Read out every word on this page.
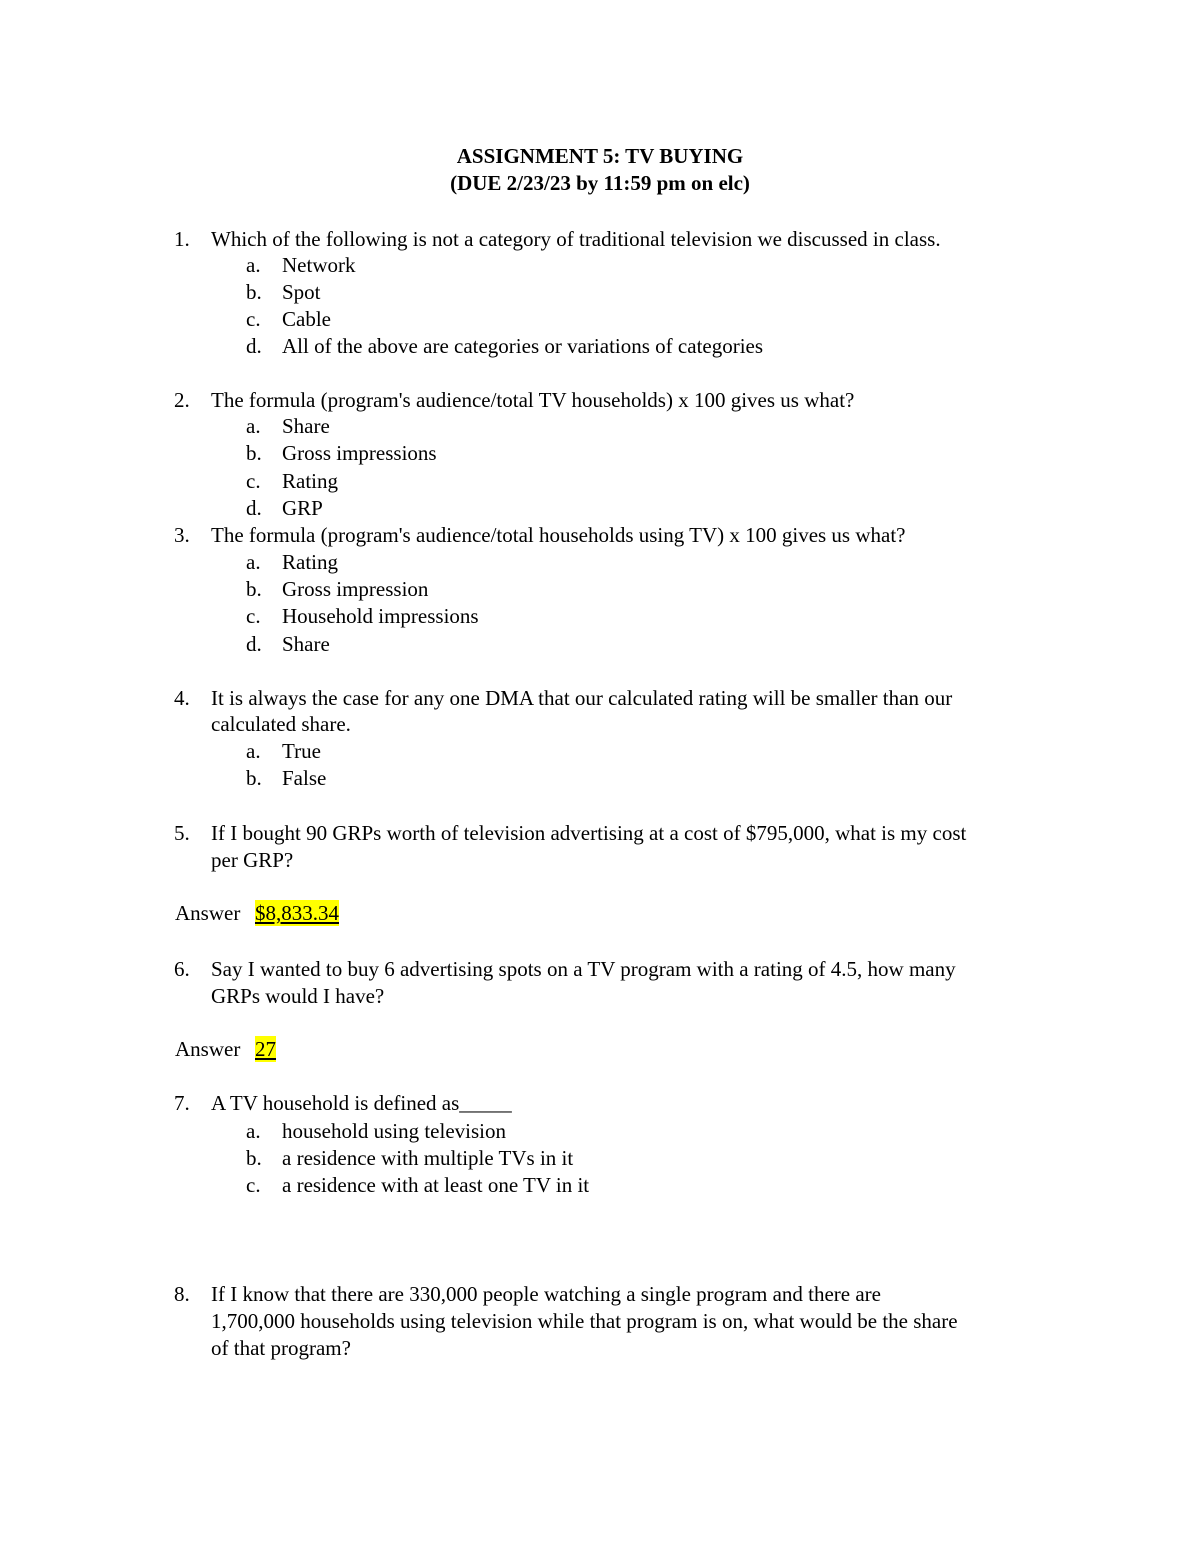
ASSIGNMENT 5: TV BUYING
(DUE 2/23/23 by 11:59 pm on elc)
1. Which of the following is not a category of traditional television we discussed in class.
a. Network
b. Spot
c. Cable
d. All of the above are categories or variations of categories
2. The formula (program's audience/total TV households) x 100 gives us what?
a. Share
b. Gross impressions
c. Rating
d. GRP
3. The formula (program's audience/total households using TV) x 100 gives us what?
a. Rating
b. Gross impression
c. Household impressions
d. Share
4. It is always the case for any one DMA that our calculated rating will be smaller than our
calculated share.
a. True
b. False
5. If I bought 90 GRPs worth of television advertising at a cost of $795,000, what is my cost
per GRP?
Answer $8,833.34
6. Say I wanted to buy 6 advertising spots on a TV program with a rating of 4.5, how many
GRPs would I have?
Answer 27
7. A TV household is defined as_____
a. household using television
b. a residence with multiple TVs in it
c. a residence with at least one TV in it
8. If I know that there are 330,000 people watching a single program and there are
1,700,000 households using television while that program is on, what would be the share
of that program?
